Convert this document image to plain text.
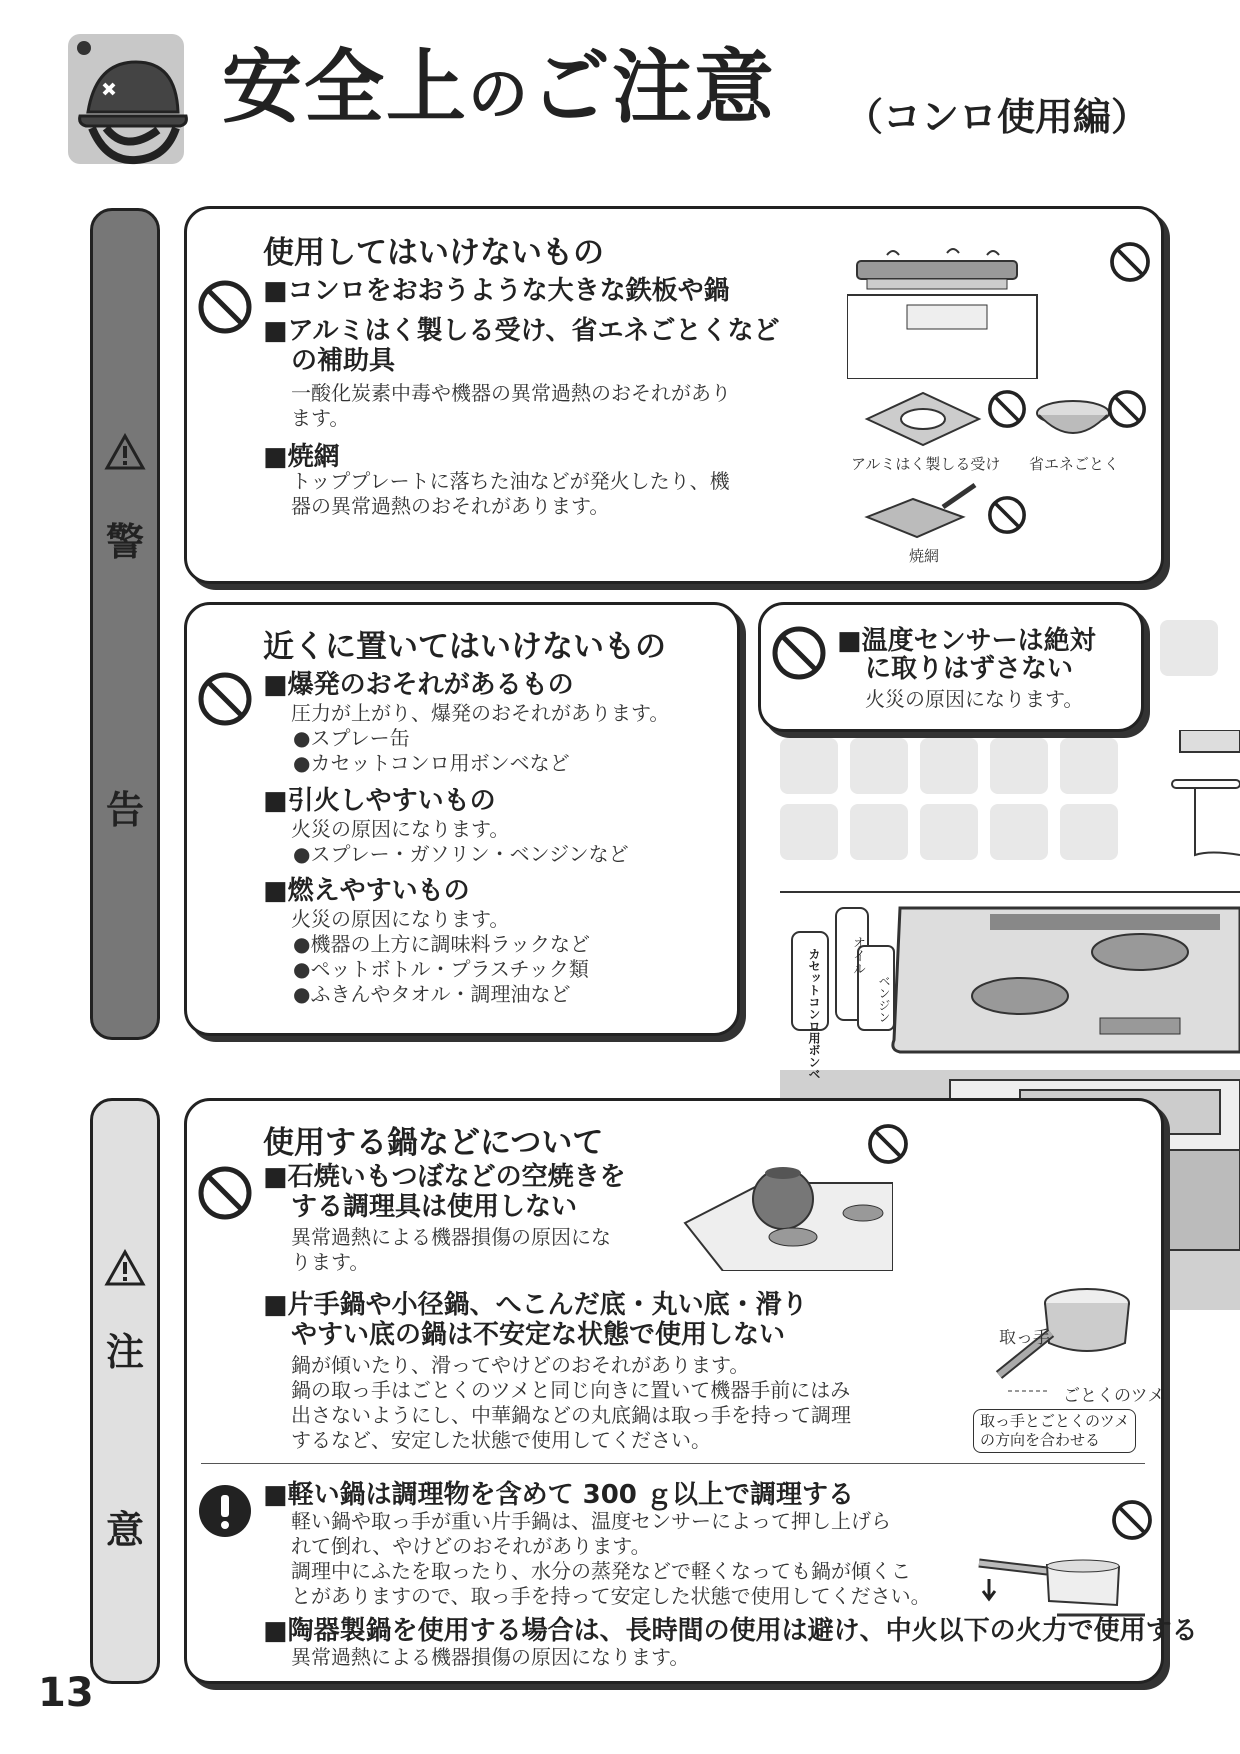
安全上のご注意 （コンロ使用編）
警
告
注
意
カセットコンロ用ボンベ オイル
ベンジン
使用してはいけないもの
■コンロをおおうような大きな鉄板や鍋
■アルミはく製しる受け、省エネごとくなど
の補助具
一酸化炭素中毒や機器の異常過熱のおそれがあり
ます。
■焼網
トッププレートに落ちた油などが発火したり、機
器の異常過熱のおそれがあります。
アルミはく製しる受け 省エネごとく
焼網
近くに置いてはいけないもの
■爆発のおそれがあるもの
圧力が上がり、爆発のおそれがあります。
●スプレー缶
●カセットコンロ用ボンベなど
■引火しやすいもの
火災の原因になります。
●スプレー・ガソリン・ベンジンなど
■燃えやすいもの
火災の原因になります。
●機器の上方に調味料ラックなど
●ペットボトル・プラスチック類
●ふきんやタオル・調理油など
■温度センサーは絶対
に取りはずさない
火災の原因になります。
使用する鍋などについて
■石焼いもつぼなどの空焼きを
する調理具は使用しない
異常過熱による機器損傷の原因にな
ります。
■片手鍋や小径鍋、へこんだ底・丸い底・滑り
やすい底の鍋は不安定な状態で使用しない
鍋が傾いたり、滑ってやけどのおそれがあります。
鍋の取っ手はごとくのツメと同じ向きに置いて機器手前にはみ
出さないようにし、中華鍋などの丸底鍋は取っ手を持って調理
するなど、安定した状態で使用してください。
取っ手
ごとくのツメ
取っ手とごとくのツメ
の方向を合わせる
■軽い鍋は調理物を含めて 300 ｇ以上で調理する
軽い鍋や取っ手が重い片手鍋は、温度センサーによって押し上げら
れて倒れ、やけどのおそれがあります。
調理中にふたを取ったり、水分の蒸発などで軽くなっても鍋が傾くこ
とがありますので、取っ手を持って安定した状態で使用してください。
■陶器製鍋を使用する場合は、長時間の使用は避け、中火以下の火力で使用する
異常過熱による機器損傷の原因になります。
13
